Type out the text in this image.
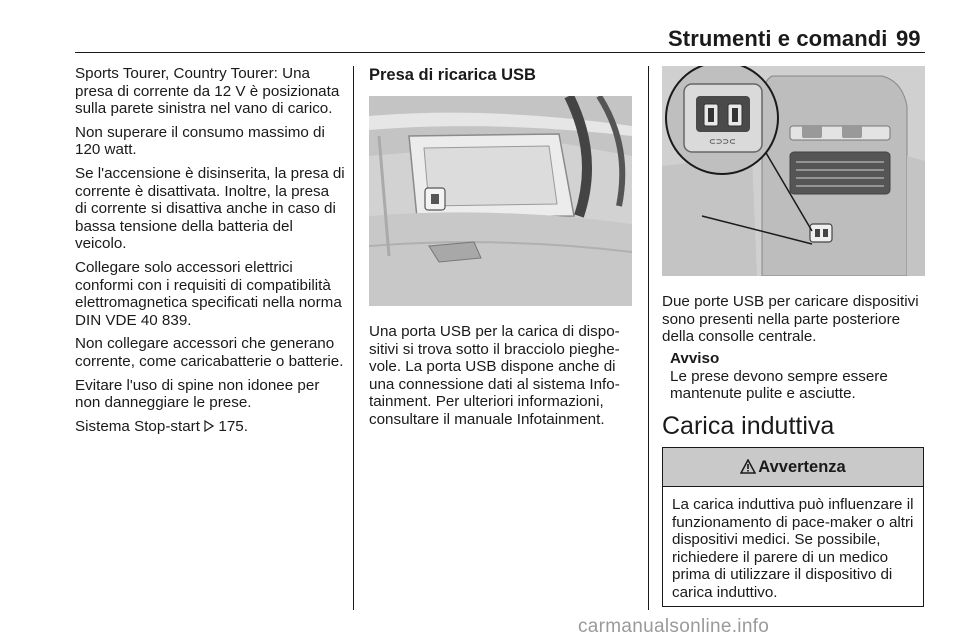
Strumenti e comandi 99

Sports Tourer, Country Tourer: Una presa di corrente da 12 V è posizionata sulla parete sinistra nel vano di carico.

Non superare il consumo massimo di 120 watt.

Se l'accensione è disinserita, la presa di corrente è disattivata. Inoltre, la presa di corrente si disattiva anche in caso di bassa tensione della batteria del veicolo.

Collegare solo accessori elettrici conformi con i requisiti di compatibilità elettromagnetica specificati nella norma DIN VDE 40 839.

Non collegare accessori che generano corrente, come caricabatterie o batterie.

Evitare l'uso di spine non idonee per non danneggiare le prese.

Sistema Stop-start 175.

Presa di ricarica USB

Una porta USB per la carica di dispositivi si trova sotto il bracciolo pieghevole. La porta USB dispone anche di una connessione dati al sistema Infotainment. Per ulteriori informazioni, consultare il manuale Infotainment.

⊂⊃⊃⊂

Due porte USB per caricare dispositivi sono presenti nella parte posteriore della consolle centrale.

Avviso

Le prese devono sempre essere mantenute pulite e asciutte.

Carica induttiva
Avvertenza
La carica induttiva può influenzare il funzionamento di pace-maker o altri dispositivi medici. Se possibile, richiedere il parere di un medico prima di utilizzare il dispositivo di carica induttivo.
carmanualsonline.info
